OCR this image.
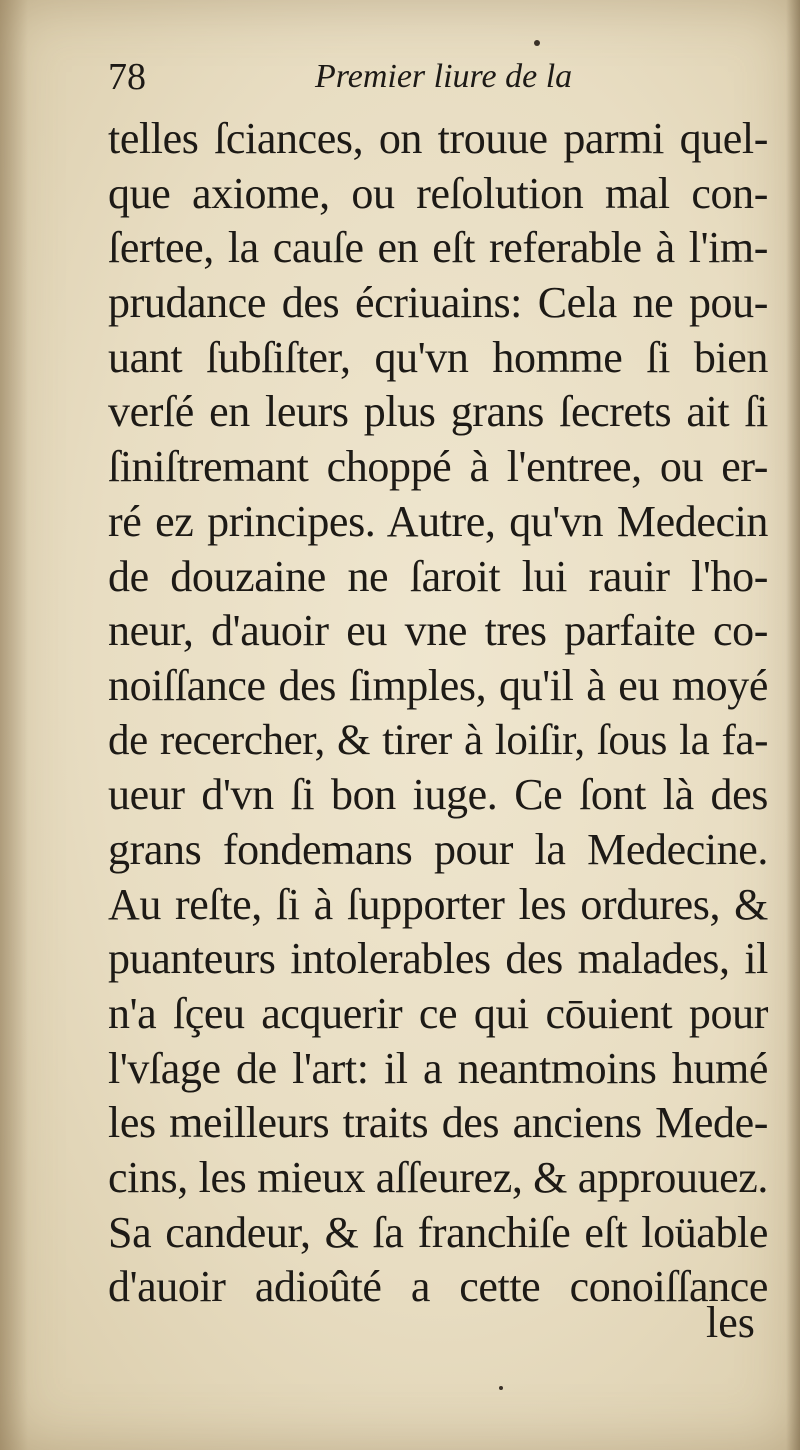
78	Premier liure de la
telles ſciances, on trouue parmi quel-
que axiome, ou reſolution mal con-
ſertee, la cauſe en eſt referable à l'im-
prudance des écriuains: Cela ne pou-
uant ſubſiſter, qu'vn homme ſi bien
verſé en leurs plus grans ſecrets ait ſi
ſiniſtremant choppé à l'entree, ou er-
ré ez principes. Autre, qu'vn Medecin
de douzaine ne ſaroit lui rauir l'ho-
neur, d'auoir eu vne tres parfaite co-
noiſſance des ſimples, qu'il à eu moyé
de recercher, & tirer à loiſir, ſous la fa-
ueur d'vn ſi bon iuge. Ce ſont là des
grans fondemans pour la Medecine.
Au reſte, ſi à ſupporter les ordures, &
puanteurs intolerables des malades, il
n'a ſçeu acquerir ce qui cōuient pour
l'vſage de l'art: il a neantmoins humé
les meilleurs traits des anciens Mede-
cins, les mieux aſſeurez, & approuuez.
Sa candeur, & ſa franchiſe eſt loüable
d'auoir adioûté a cette conoiſſance
les
